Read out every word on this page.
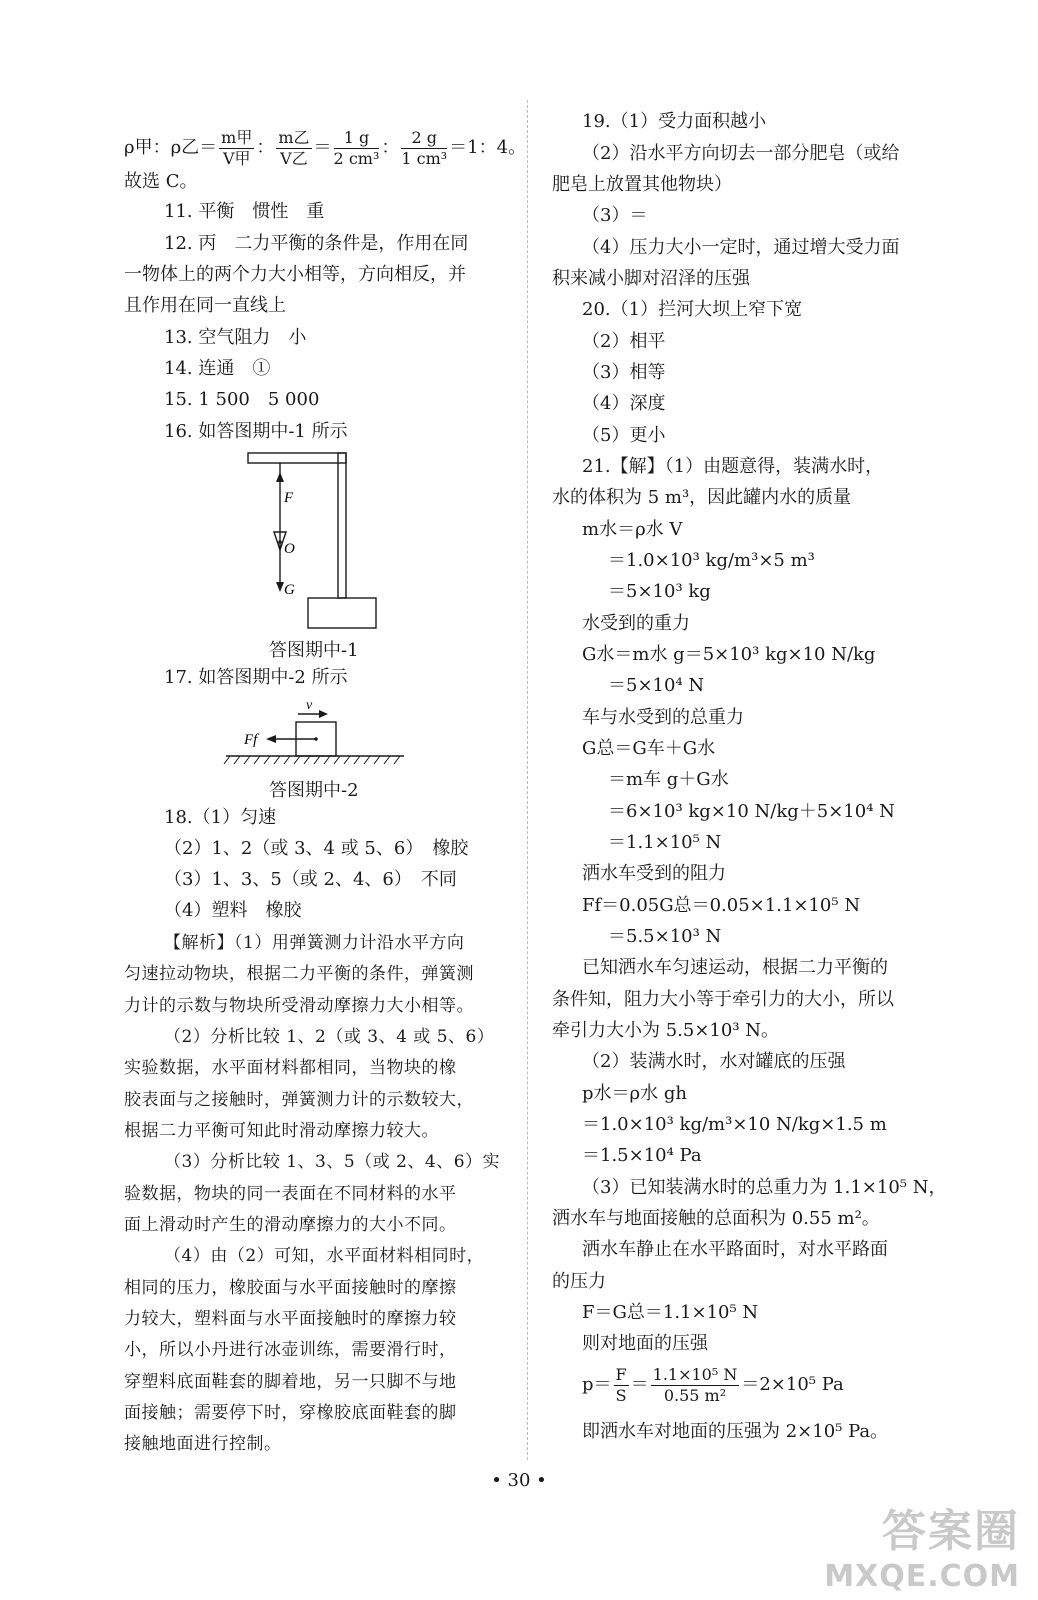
ρ甲：ρ乙＝ $\frac{\text{m甲}}{\text{V甲}}$ ： $\frac{\text{m乙}}{\text{V乙}} = \frac{1 g}{\text{2 cm³}}$ ： $\frac{2 g}{\text{1 cm³}} =1$：4。
故选 C。
11. 平衡　惯性　重
12. 丙　二力平衡的条件是，作用在同
一物体上的两个力大小相等，方向相反，并
且作用在同一直线上
13. 空气阻力　小
14. 连通　①
15. 1 500　5 000
16. 如答图期中-1 所示
F
O
G
答图期中-1
17. 如答图期中-2 所示
v
Ff
答图期中-2
18.（1）匀速
（2）1、2（或 3、4 或 5、6）　橡胶
（3）1、3、5（或 2、4、6）　不同
（4）塑料　橡胶
【解析】（1）用弹簧测力计沿水平方向
匀速拉动物块，根据二力平衡的条件，弹簧测
力计的示数与物块所受滑动摩擦力大小相等。
（2）分析比较 1、2（或 3、4 或 5、6）
实验数据，水平面材料都相同，当物块的橡
胶表面与之接触时，弹簧测力计的示数较大，
根据二力平衡可知此时滑动摩擦力较大。
（3）分析比较 1、3、5（或 2、4、6）实
验数据，物块的同一表面在不同材料的水平
面上滑动时产生的滑动摩擦力的大小不同。
（4）由（2）可知，水平面材料相同时，
相同的压力，橡胶面与水平面接触时的摩擦
力较大，塑料面与水平面接触时的摩擦力较
小，所以小丹进行冰壶训练，需要滑行时，
穿塑料底面鞋套的脚着地，另一只脚不与地
面接触；需要停下时，穿橡胶底面鞋套的脚
接触地面进行控制。
19.（1）受力面积越小
（2）沿水平方向切去一部分肥皂（或给
肥皂上放置其他物块）
（3）＝
（4）压力大小一定时，通过增大受力面
积来减小脚对沼泽的压强
20.（1）拦河大坝上窄下宽
（2）相平
（3）相等
（4）深度
（5）更小
21.【解】（1）由题意得，装满水时，
水的体积为 5 m³，因此罐内水的质量
m水＝ρ水 V
＝1.0×10³ kg/m³×5 m³
＝5×10³ kg
水受到的重力
G水＝m水 g＝5×10³ kg×10 N/kg
＝5×10⁴ N
车与水受到的总重力
G总＝G车＋G水
＝m车 g＋G水
＝6×10³ kg×10 N/kg＋5×10⁴ N
＝1.1×10⁵ N
洒水车受到的阻力
Ff＝0.05G总＝0.05×1.1×10⁵ N
＝5.5×10³ N
已知洒水车匀速运动，根据二力平衡的
条件知，阻力大小等于牵引力的大小，所以
牵引力大小为 5.5×10³ N。
（2）装满水时，水对罐底的压强
p水＝ρ水 gh
＝1.0×10³ kg/m³×10 N/kg×1.5 m
＝1.5×10⁴ Pa
（3）已知装满水时的总重力为 1.1×10⁵ N，
洒水车与地面接触的总面积为 0.55 m²。
洒水车静止在水平路面时，对水平路面
的压力
F＝G总＝1.1×10⁵ N
则对地面的压强
$p= \frac{F}{S} = \frac{\text{1.1×10⁵ N}}{\text{0.55 m²}} =2\times 10^5$ Pa
即洒水车对地面的压强为 2×10⁵ Pa。
• 30 •
答案圈
MXQE.COM
